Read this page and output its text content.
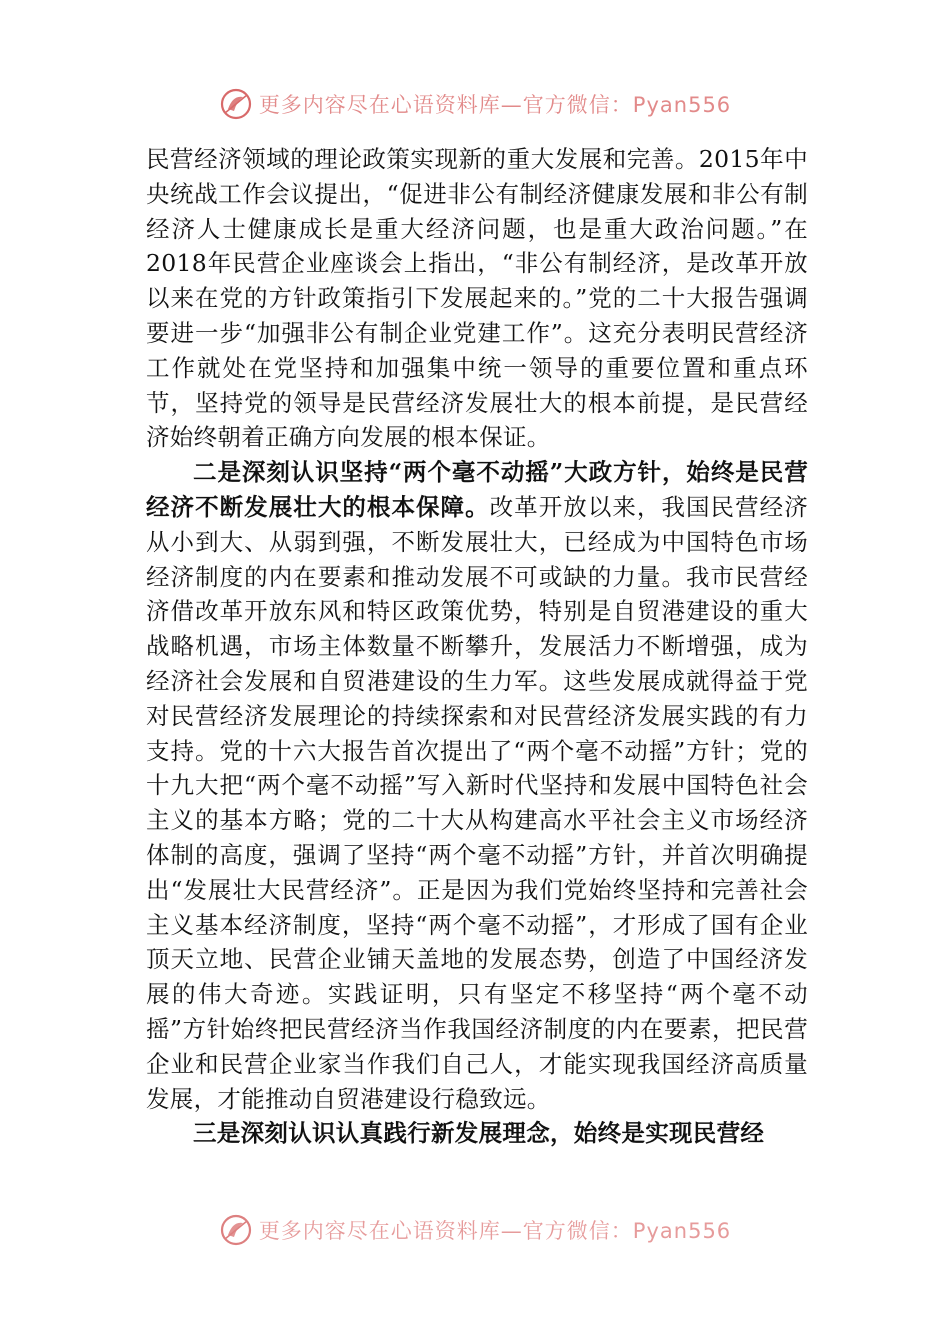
更多内容尽在心语资料库—官方微信：Pyan556

民营经济领域的理论政策实现新的重大发展和完善。2015年中央统战工作会议提出，“促进非公有制经济健康发展和非公有制经济人士健康成长是重大经济问题，也是重大政治问题。”在2018年民营企业座谈会上指出，“非公有制经济，是改革开放以来在党的方针政策指引下发展起来的。”党的二十大报告强调要进一步“加强非公有制企业党建工作”。这充分表明民营经济工作就处在党坚持和加强集中统一领导的重要位置和重点环节，坚持党的领导是民营经济发展壮大的根本前提，是民营经济始终朝着正确方向发展的根本保证。

二是深刻认识坚持“两个毫不动摇”大政方针，始终是民营经济不断发展壮大的根本保障。改革开放以来，我国民营经济从小到大、从弱到强，不断发展壮大，已经成为中国特色市场经济制度的内在要素和推动发展不可或缺的力量。我市民营经济借改革开放东风和特区政策优势，特别是自贸港建设的重大战略机遇，市场主体数量不断攀升，发展活力不断增强，成为经济社会发展和自贸港建设的生力军。这些发展成就得益于党对民营经济发展理论的持续探索和对民营经济发展实践的有力支持。党的十六大报告首次提出了“两个毫不动摇”方针；党的十九大把“两个毫不动摇”写入新时代坚持和发展中国特色社会主义的基本方略；党的二十大从构建高水平社会主义市场经济体制的高度，强调了坚持“两个毫不动摇”方针，并首次明确提出“发展壮大民营经济”。正是因为我们党始终坚持和完善社会主义基本经济制度，坚持“两个毫不动摇”，才形成了国有企业顶天立地、民营企业铺天盖地的发展态势，创造了中国经济发展的伟大奇迹。实践证明，只有坚定不移坚持“两个毫不动摇”方针始终把民营经济当作我国经济制度的内在要素，把民营企业和民营企业家当作我们自己人，才能实现我国经济高质量发展，才能推动自贸港建设行稳致远。

三是深刻认识认真践行新发展理念，始终是实现民营经

更多内容尽在心语资料库—官方微信：Pyan556
